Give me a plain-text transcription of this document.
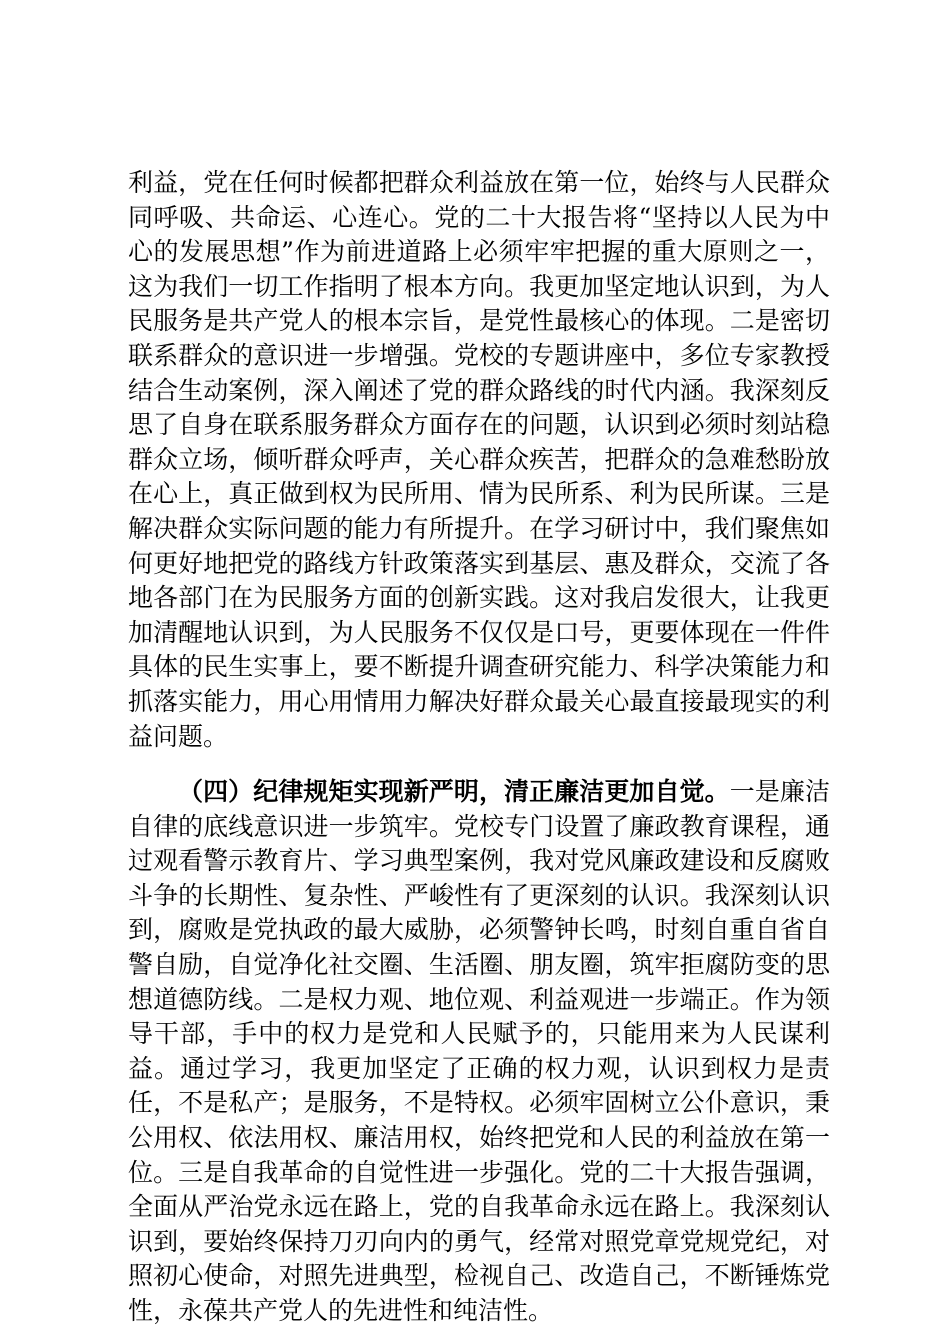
利益，党在任何时候都把群众利益放在第一位，始终与人民群众同呼吸、共命运、心连心。党的二十大报告将“坚持以人民为中心的发展思想”作为前进道路上必须牢牢把握的重大原则之一，这为我们一切工作指明了根本方向。我更加坚定地认识到，为人民服务是共产党人的根本宗旨，是党性最核心的体现。二是密切联系群众的意识进一步增强。党校的专题讲座中，多位专家教授结合生动案例，深入阐述了党的群众路线的时代内涵。我深刻反思了自身在联系服务群众方面存在的问题，认识到必须时刻站稳群众立场，倾听群众呼声，关心群众疾苦，把群众的急难愁盼放在心上，真正做到权为民所用、情为民所系、利为民所谋。三是解决群众实际问题的能力有所提升。在学习研讨中，我们聚焦如何更好地把党的路线方针政策落实到基层、惠及群众，交流了各地各部门在为民服务方面的创新实践。这对我启发很大，让我更加清醒地认识到，为人民服务不仅仅是口号，更要体现在一件件具体的民生实事上，要不断提升调查研究能力、科学决策能力和抓落实能力，用心用情用力解决好群众最关心最直接最现实的利益问题。

（四）纪律规矩实现新严明，清正廉洁更加自觉。一是廉洁自律的底线意识进一步筑牢。党校专门设置了廉政教育课程，通过观看警示教育片、学习典型案例，我对党风廉政建设和反腐败斗争的长期性、复杂性、严峻性有了更深刻的认识。我深刻认识到，腐败是党执政的最大威胁，必须警钟长鸣，时刻自重自省自警自励，自觉净化社交圈、生活圈、朋友圈，筑牢拒腐防变的思想道德防线。二是权力观、地位观、利益观进一步端正。作为领导干部，手中的权力是党和人民赋予的，只能用来为人民谋利益。通过学习，我更加坚定了正确的权力观，认识到权力是责任，不是私产；是服务，不是特权。必须牢固树立公仆意识，秉公用权、依法用权、廉洁用权，始终把党和人民的利益放在第一位。三是自我革命的自觉性进一步强化。党的二十大报告强调，全面从严治党永远在路上，党的自我革命永远在路上。我深刻认识到，要始终保持刀刃向内的勇气，经常对照党章党规党纪，对照初心使命，对照先进典型，检视自己、改造自己，不断锤炼党性，永葆共产党人的先进性和纯洁性。
